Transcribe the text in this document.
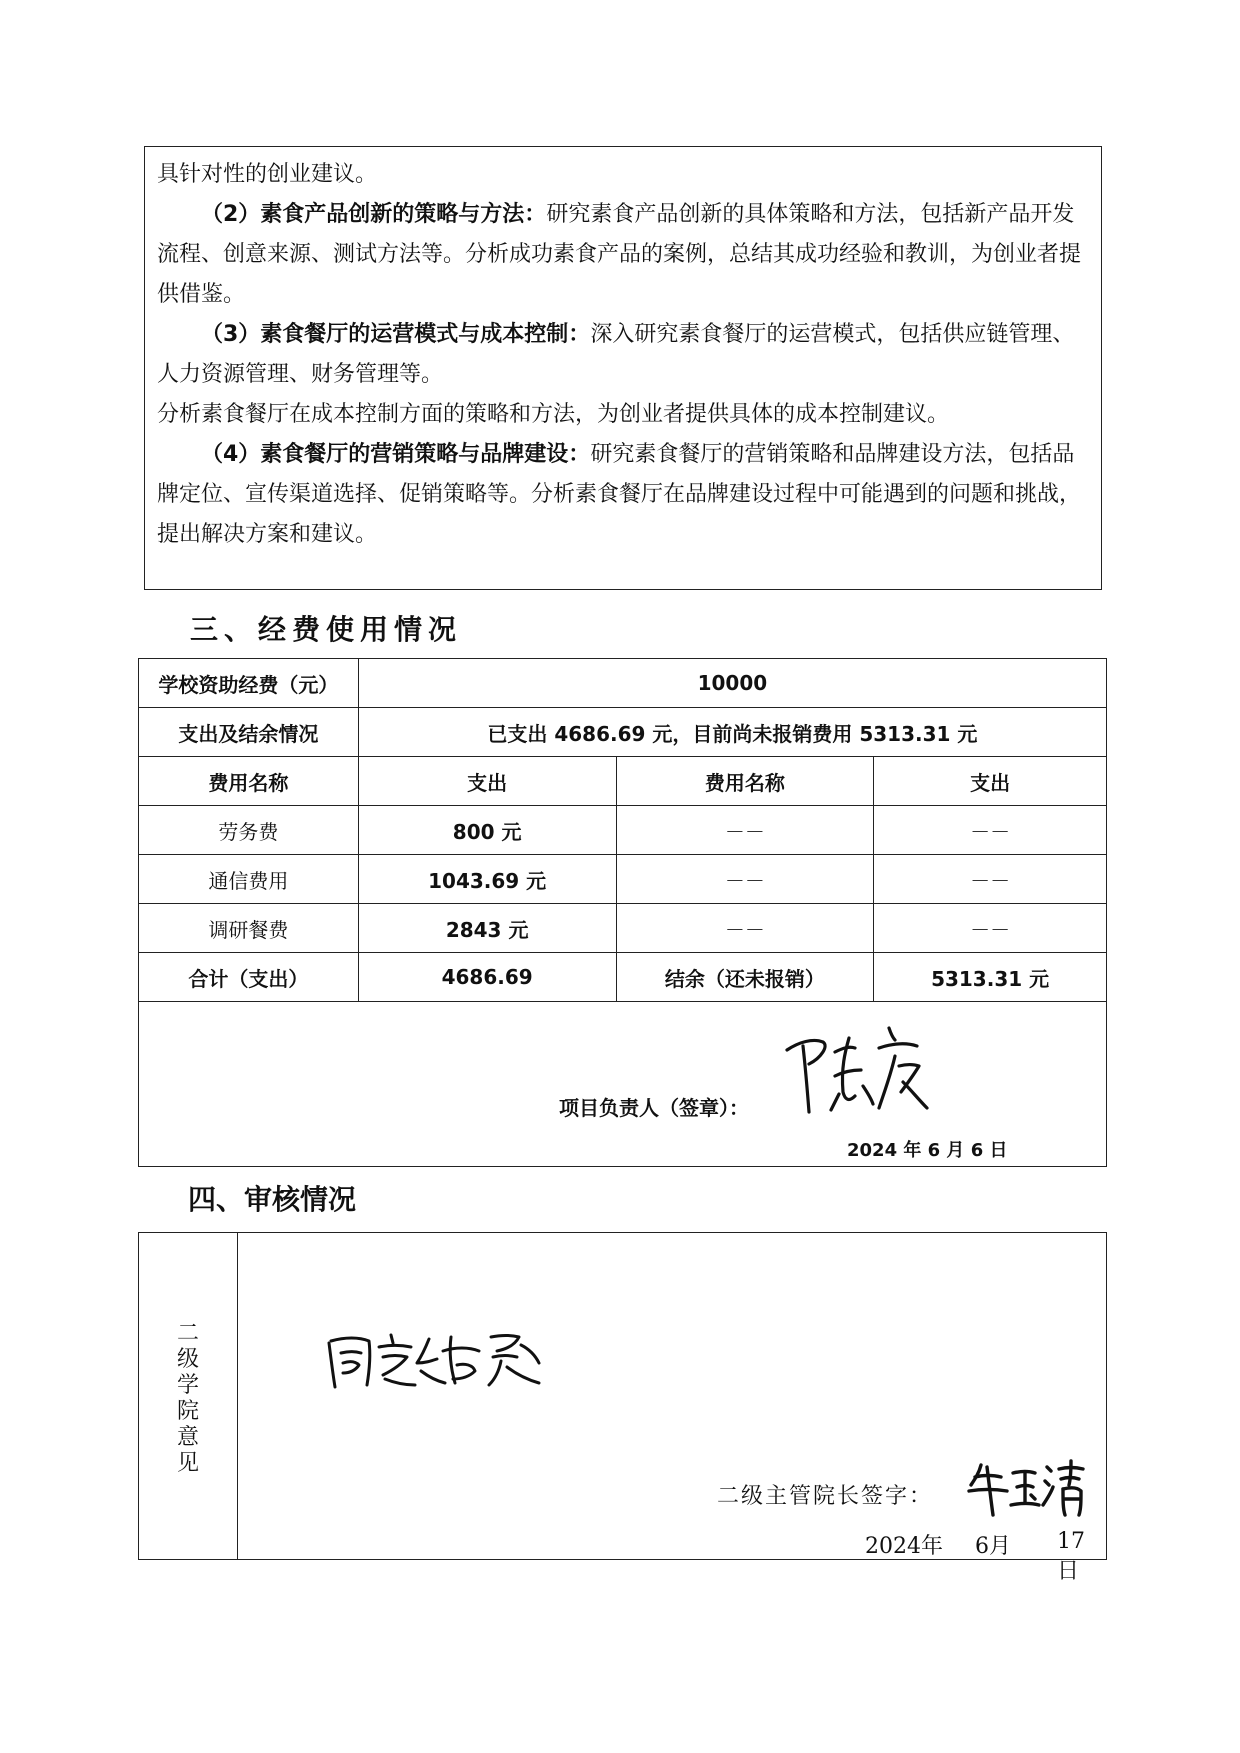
具针对性的创业建议。

（2）素食产品创新的策略与方法：研究素食产品创新的具体策略和方法，包括新产品开发流程、创意来源、测试方法等。分析成功素食产品的案例，总结其成功经验和教训，为创业者提供借鉴。

（3）素食餐厅的运营模式与成本控制：深入研究素食餐厅的运营模式，包括供应链管理、人力资源管理、财务管理等。

分析素食餐厅在成本控制方面的策略和方法，为创业者提供具体的成本控制建议。

（4）素食餐厅的营销策略与品牌建设：研究素食餐厅的营销策略和品牌建设方法，包括品牌定位、宣传渠道选择、促销策略等。分析素食餐厅在品牌建设过程中可能遇到的问题和挑战，提出解决方案和建议。

三、经费使用情况
学校资助经费（元）	10000		
支出及结余情况	已支出 4686.69 元，目前尚未报销费用 5313.31 元		
费用名称	支出	费用名称	支出
劳务费	800 元	－－	－－
通信费用	1043.69 元	－－	－－
调研餐费	2843 元	－－	－－
合计（支出）	4686.69	结余（还未报销）	5313.31 元

项目负责人（签章）：
2024 年 6 月 6 日			
四、审核情况
二级学院意见
二级主管院长签字：
2024年 6月 17日
